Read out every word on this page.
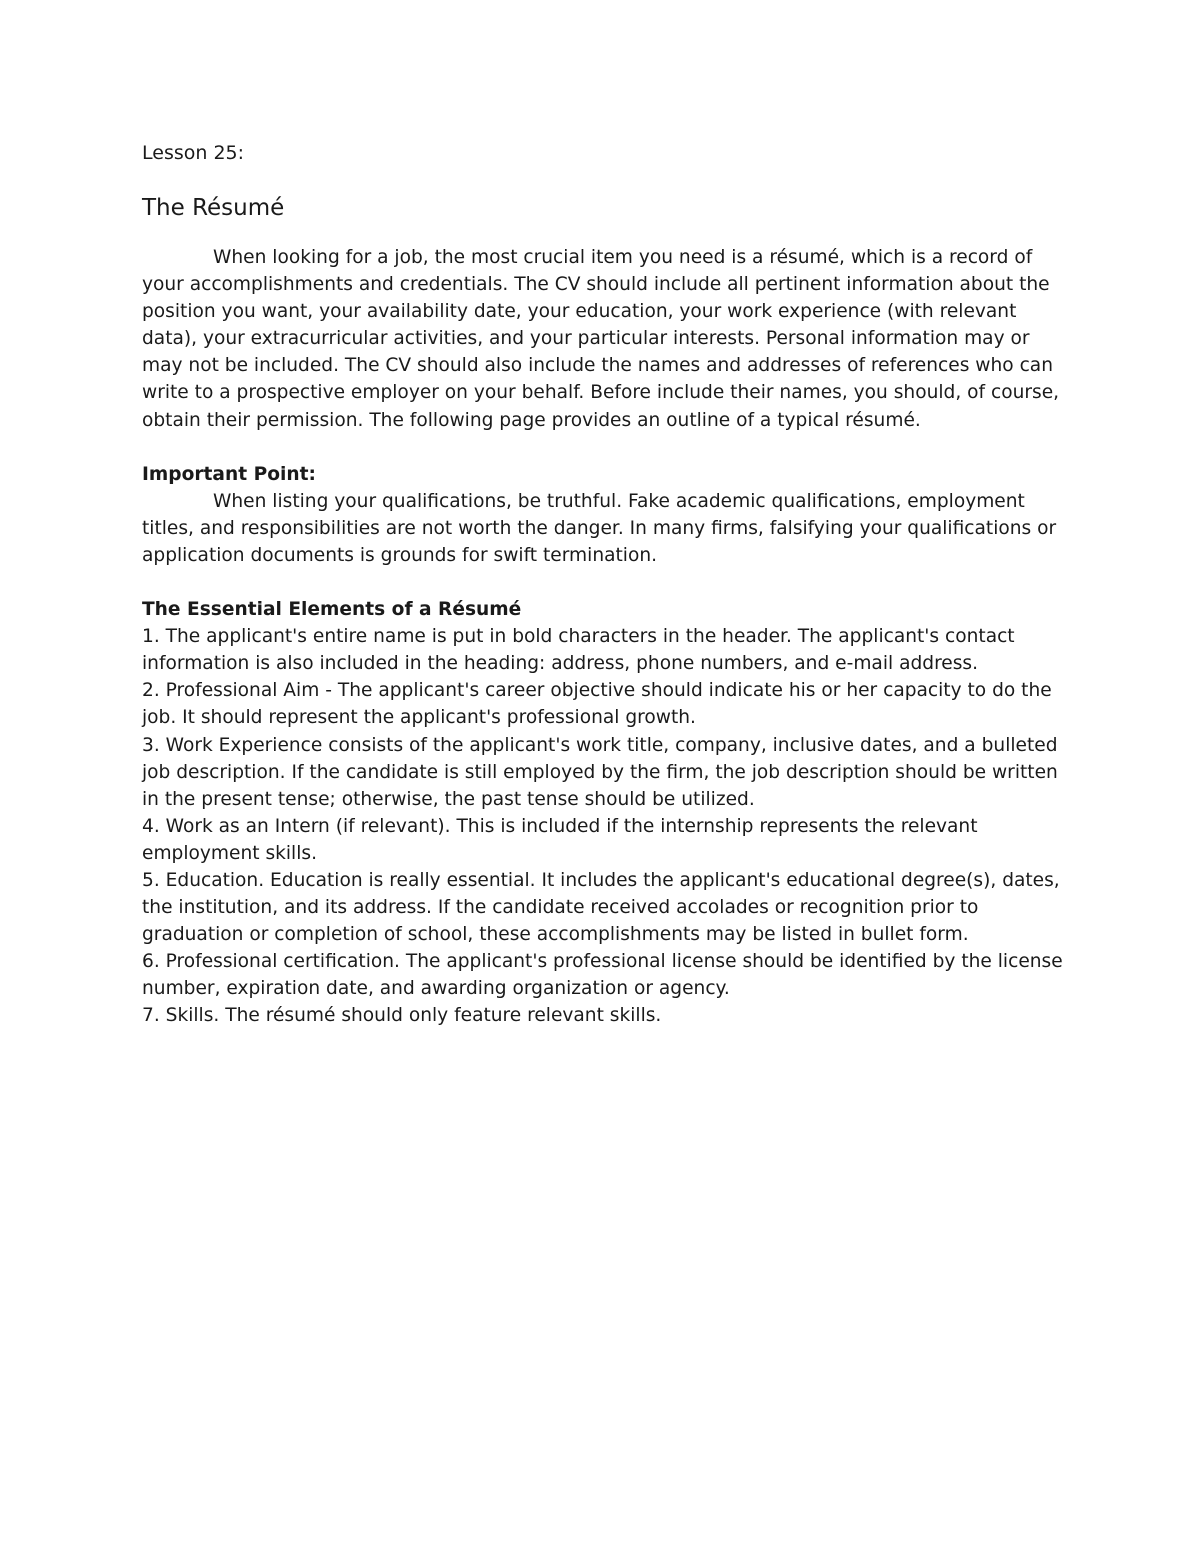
Lesson 25:

The Résumé

When looking for a job, the most crucial item you need is a résumé, which is a record of your accomplishments and credentials. The CV should include all pertinent information about the position you want, your availability date, your education, your work experience (with relevant data), your extracurricular activities, and your particular interests. Personal information may or may not be included. The CV should also include the names and addresses of references who can write to a prospective employer on your behalf. Before include their names, you should, of course, obtain their permission. The following page provides an outline of a typical résumé.

Important Point:

When listing your qualifications, be truthful. Fake academic qualifications, employment titles, and responsibilities are not worth the danger. In many firms, falsifying your qualifications or application documents is grounds for swift termination.

The Essential Elements of a Résumé
1. The applicant's entire name is put in bold characters in the header. The applicant's contact information is also included in the heading: address, phone numbers, and e-mail address.
2. Professional Aim - The applicant's career objective should indicate his or her capacity to do the job. It should represent the applicant's professional growth.
3. Work Experience consists of the applicant's work title, company, inclusive dates, and a bulleted job description. If the candidate is still employed by the firm, the job description should be written in the present tense; otherwise, the past tense should be utilized.
4. Work as an Intern (if relevant). This is included if the internship represents the relevant employment skills.
5. Education. Education is really essential. It includes the applicant's educational degree(s), dates, the institution, and its address. If the candidate received accolades or recognition prior to graduation or completion of school, these accomplishments may be listed in bullet form.
6. Professional certification. The applicant's professional license should be identified by the license number, expiration date, and awarding organization or agency.
7. Skills. The résumé should only feature relevant skills.
